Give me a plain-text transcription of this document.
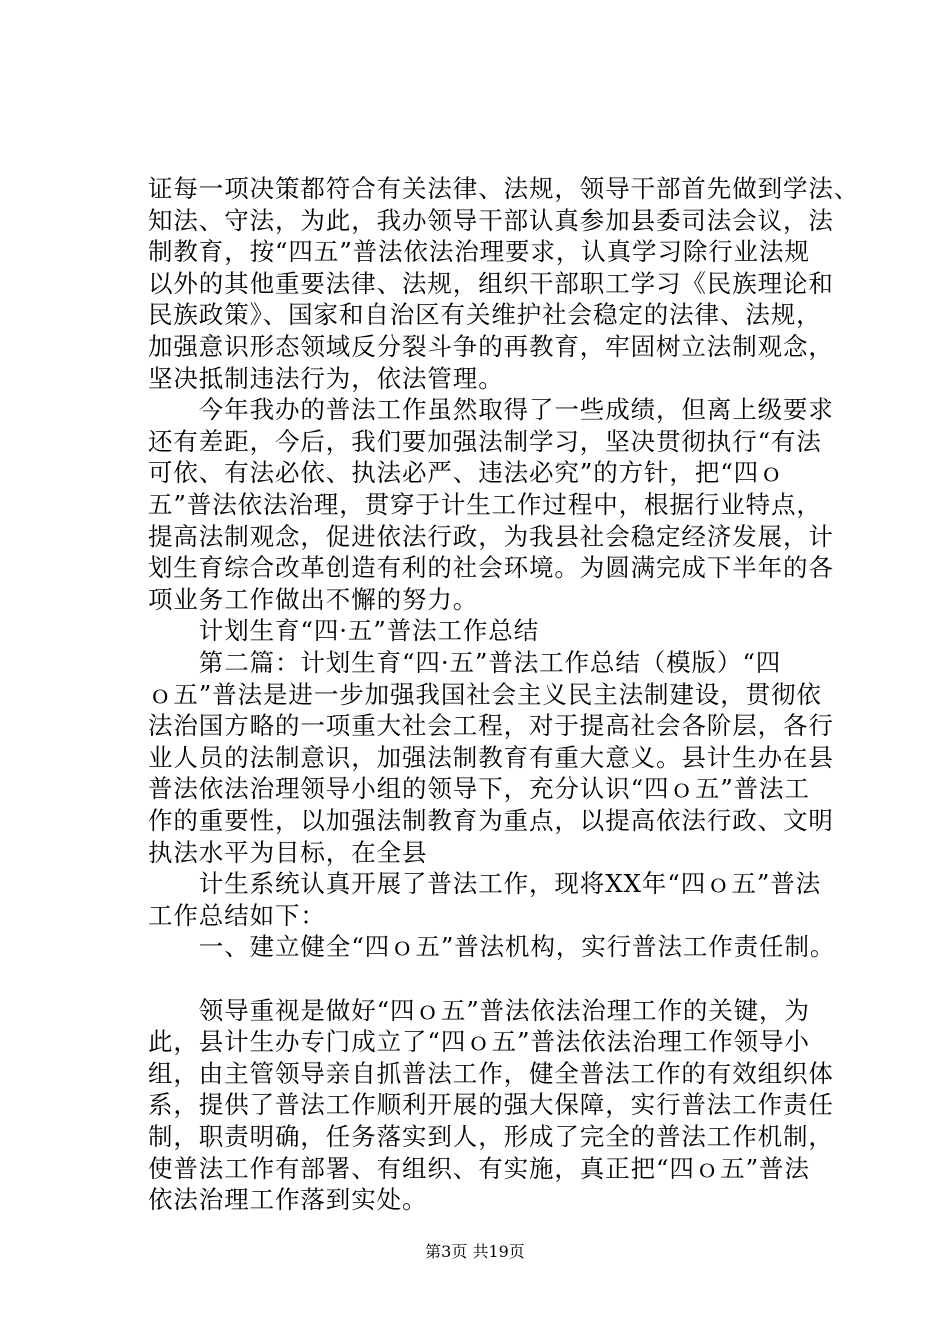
证每一项决策都符合有关法律、法规，领导干部首先做到学法、
知法、守法，为此，我办领导干部认真参加县委司法会议，法
制教育，按“四五”普法依法治理要求，认真学习除行业法规
以外的其他重要法律、法规，组织干部职工学习《民族理论和
民族政策》、国家和自治区有关维护社会稳定的法律、法规，
加强意识形态领域反分裂斗争的再教育，牢固树立法制观念，
坚决抵制违法行为，依法管理。
　　今年我办的普法工作虽然取得了一些成绩，但离上级要求
还有差距，今后，我们要加强法制学习，坚决贯彻执行“有法
可依、有法必依、执法必严、违法必究”的方针，把“四ｏ
五”普法依法治理，贯穿于计生工作过程中，根据行业特点，
提高法制观念，促进依法行政，为我县社会稳定经济发展，计
划生育综合改革创造有利的社会环境。为圆满完成下半年的各
项业务工作做出不懈的努力。
　　计划生育“四·五”普法工作总结
　　第二篇：计划生育“四·五”普法工作总结（模版）“四
ｏ五”普法是进一步加强我国社会主义民主法制建设，贯彻依
法治国方略的一项重大社会工程，对于提高社会各阶层，各行
业人员的法制意识，加强法制教育有重大意义。县计生办在县
普法依法治理领导小组的领导下，充分认识“四ｏ五”普法工
作的重要性，以加强法制教育为重点，以提高依法行政、文明
执法水平为目标，在全县
　　计生系统认真开展了普法工作，现将XX年“四ｏ五”普法
工作总结如下：
　　一、建立健全“四ｏ五”普法机构，实行普法工作责任制。
　　领导重视是做好“四ｏ五”普法依法治理工作的关键，为
此，县计生办专门成立了“四ｏ五”普法依法治理工作领导小
组，由主管领导亲自抓普法工作，健全普法工作的有效组织体
系，提供了普法工作顺利开展的强大保障，实行普法工作责任
制，职责明确，任务落实到人，形成了完全的普法工作机制，
使普法工作有部署、有组织、有实施，真正把“四ｏ五”普法
依法治理工作落到实处。
第3页 共19页
